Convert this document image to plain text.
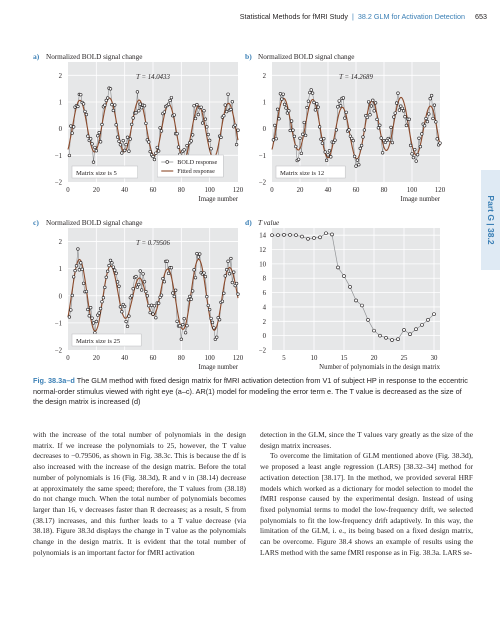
Statistical Methods for fMRI Study | 38.2 GLM for Activation Detection 653
Part G | 38.2
a) Normalized BOLD signal change
T = 14.0433
2
1
0
−1
−2
0	20	40	60	80	100	120
Image number
Matrix size is 5
BOLD response
Fitted response
b) Normalized BOLD signal change
T = 14.2689
2
1
0
−1
−2
0	20	40	60	80	100	120
Image number
Matrix size is 12
c) Normalized BOLD signal change
T = 0.79506
2
1
0
−1
−2
0	20	40	60	80	100	120
Image number
Matrix size is 25
d) T value
14
12
10
8
6
4
2
0
−2
5	10	15	20	25	30
Number of polynomials in the design matrix
Fig. 38.3a–d The GLM method with fixed design matrix for fMRI activation detection from V1 of subject HP in response to the eccentric normal-order stimulus viewed with right eye (a–c). AR(1) model for modeling the error term e. The T value is decreased as the size of the design matrix is increased (d)

with the increase of the total number of polynomials in the design matrix. If we increase the polynomials to 25, however, the T value decreases to −0.79506, as shown in Fig. 38.3c. This is because the df is also increased with the increase of the design matrix. Before the total number of polynomials is 16 (Fig. 38.3d), R and v in (38.14) decrease at approximately the same speed; therefore, the T values from (38.18) do not change much. When the total number of polynomials becomes larger than 16, v decreases faster than R decreases; as a result, S from (38.17) increases, and this further leads to a T value decrease (via 38.18). Figure 38.3d displays the change in T value as the polynomials change in the design matrix. It is evident that the total number of polynomials is an important factor for fMRI activation

detection in the GLM, since the T values vary greatly as the size of the design matrix increases.

To overcome the limitation of GLM mentioned above (Fig. 38.3d), we proposed a least angle regression (LARS) [38.32–34] method for activation detection [38.17]. In the method, we provided several HRF models which worked as a dictionary for model selection to model the fMRI response caused by the experimental design. Instead of using fixed polynomial terms to model the low-frequency drift, we selected polynomials to fit the low-frequency drift adaptively. In this way, the limitation of the GLM, i. e., its being based on a fixed design matrix, can be overcome. Figure 38.4 shows an example of results using the LARS method with the same fMRI response as in Fig. 38.3a. LARS se-
